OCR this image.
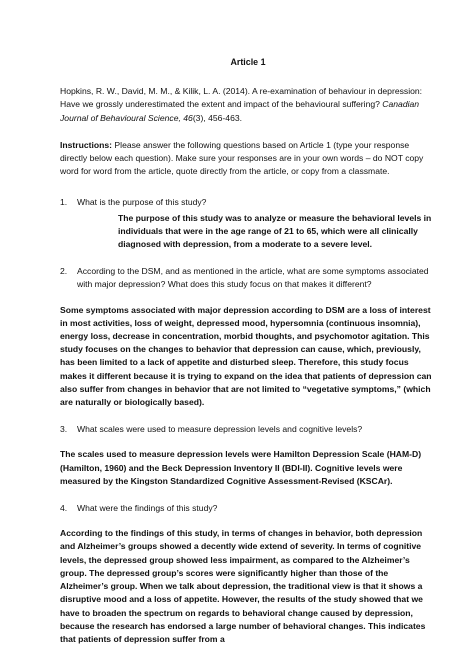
Article 1

Hopkins, R. W., David, M. M., & Kilik, L. A. (2014). A re-examination of behaviour in depression: Have we grossly underestimated the extent and impact of the behavioural suffering? Canadian Journal of Behavioural Science, 46(3), 456-463.

Instructions: Please answer the following questions based on Article 1 (type your response directly below each question). Make sure your responses are in your own words – do NOT copy word for word from the article, quote directly from the article, or copy from a classmate.

1.	What is the purpose of this study?

The purpose of this study was to analyze or measure the behavioral levels in individuals that were in the age range of 21 to 65, which were all clinically diagnosed with depression, from a moderate to a severe level.

2.	According to the DSM, and as mentioned in the article, what are some symptoms associated with major depression? What does this study focus on that makes it different?

Some symptoms associated with major depression according to DSM are a loss of interest in most activities, loss of weight, depressed mood, hypersomnia (continuous insomnia), energy loss, decrease in concentration, morbid thoughts, and psychomotor agitation. This study focuses on the changes to behavior that depression can cause, which, previously, has been limited to a lack of appetite and disturbed sleep. Therefore, this study focus makes it different because it is trying to expand on the idea that patients of depression can also suffer from changes in behavior that are not limited to “vegetative symptoms,” (which are naturally or biologically based).

3.	What scales were used to measure depression levels and cognitive levels?

The scales used to measure depression levels were Hamilton Depression Scale (HAM-D) (Hamilton, 1960) and the Beck Depression Inventory II (BDI-II). Cognitive levels were measured by the Kingston Standardized Cognitive Assessment-Revised (KSCAr).

4.	What were the findings of this study?

According to the findings of this study, in terms of changes in behavior, both depression and Alzheimer’s groups showed a decently wide extend of severity. In terms of cognitive levels, the depressed group showed less impairment, as compared to the Alzheimer’s group. The depressed group’s scores were significantly higher than those of the Alzheimer’s group. When we talk about depression, the traditional view is that it shows a disruptive mood and a loss of appetite. However, the results of the study showed that we have to broaden the spectrum on regards to behavioral change caused by depression, because the research has endorsed a large number of behavioral changes. This indicates that patients of depression suffer from a
